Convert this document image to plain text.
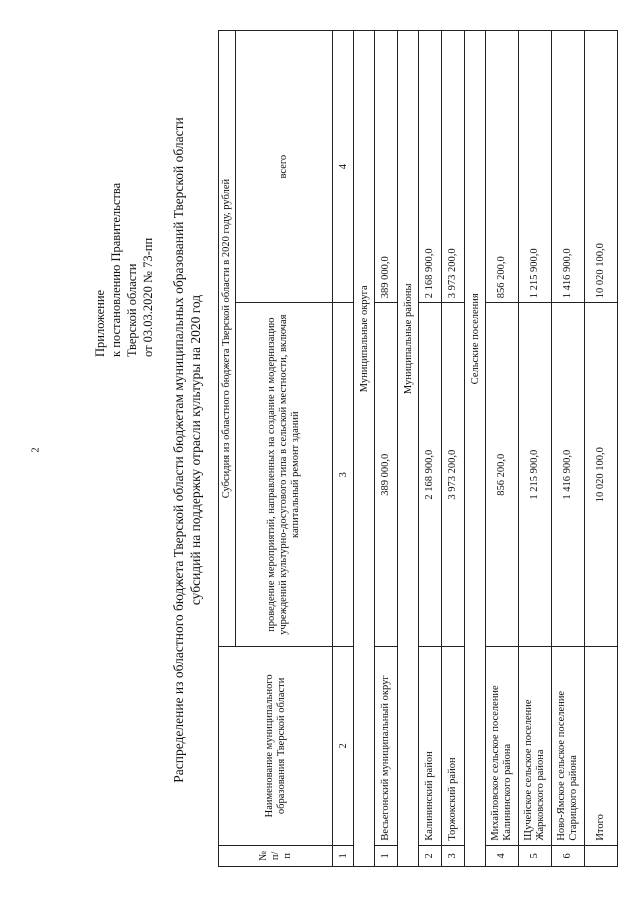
2
Приложение к постановлению Правительства Тверской области от 03.03.2020 № 73-пп Распределение из областного бюджета Тверской области бюджетам муниципальных образований Тверской области субсидий на поддержку отрасли культуры на 2020 год
№ п/п	Наименование муниципального образования Тверской области	Субсидия из областного бюджета Тверской области в 2020 году, рублей	
		проведение мероприятий, направленных на создание и модернизацию учреждений культурно-досугового типа в сельской местности, включая капитальный ремонт зданий	всего
1	2	3	4
		Муниципальные округа	
1	Весьегонский муниципальный округ	389 000,0	389 000,0
		Муниципальные районы	
2	Калининский район	2 168 900,0	2 168 900,0
3	Торжокский район	3 973 200,0	3 973 200,0
		Сельские поселения	
4	Михайловское сельское поселение Калининского района	856 200,0	856 200,0
5	Щучейское сельское поселение Жарковского района	1 215 900,0	1 215 900,0
6	Ново-Ямское сельское поселение Старицкого района	1 416 900,0	1 416 900,0
	Итого	10 020 100,0	10 020 100,0
